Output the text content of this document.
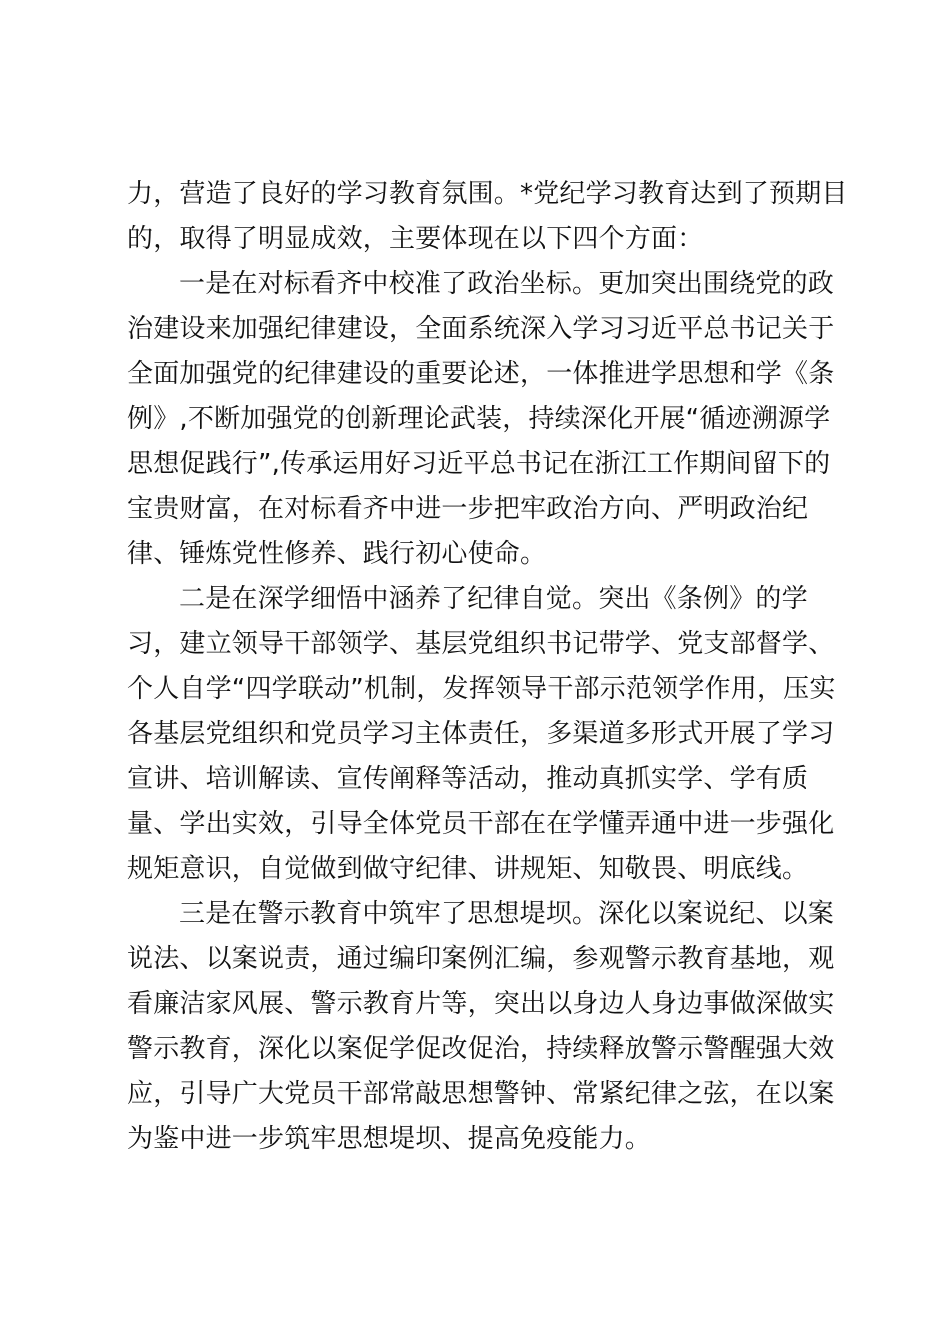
力，营造了良好的学习教育氛围。*党纪学习教育达到了预期目
的，取得了明显成效，主要体现在以下四个方面：
一是在对标看齐中校准了政治坐标。更加突出围绕党的政
治建设来加强纪律建设，全面系统深入学习习近平总书记关于
全面加强党的纪律建设的重要论述，一体推进学思想和学《条
例》,不断加强党的创新理论武装，持续深化开展“循迹溯源学
思想促践行”,传承运用好习近平总书记在浙江工作期间留下的
宝贵财富，在对标看齐中进一步把牢政治方向、严明政治纪
律、锤炼党性修养、践行初心使命。
二是在深学细悟中涵养了纪律自觉。突出《条例》的学
习，建立领导干部领学、基层党组织书记带学、党支部督学、
个人自学“四学联动”机制，发挥领导干部示范领学作用，压实
各基层党组织和党员学习主体责任，多渠道多形式开展了学习
宣讲、培训解读、宣传阐释等活动，推动真抓实学、学有质
量、学出实效，引导全体党员干部在在学懂弄通中进一步强化
规矩意识，自觉做到做守纪律、讲规矩、知敬畏、明底线。
三是在警示教育中筑牢了思想堤坝。深化以案说纪、以案
说法、以案说责，通过编印案例汇编，参观警示教育基地，观
看廉洁家风展、警示教育片等，突出以身边人身边事做深做实
警示教育，深化以案促学促改促治，持续释放警示警醒强大效
应，引导广大党员干部常敲思想警钟、常紧纪律之弦，在以案
为鉴中进一步筑牢思想堤坝、提高免疫能力。
